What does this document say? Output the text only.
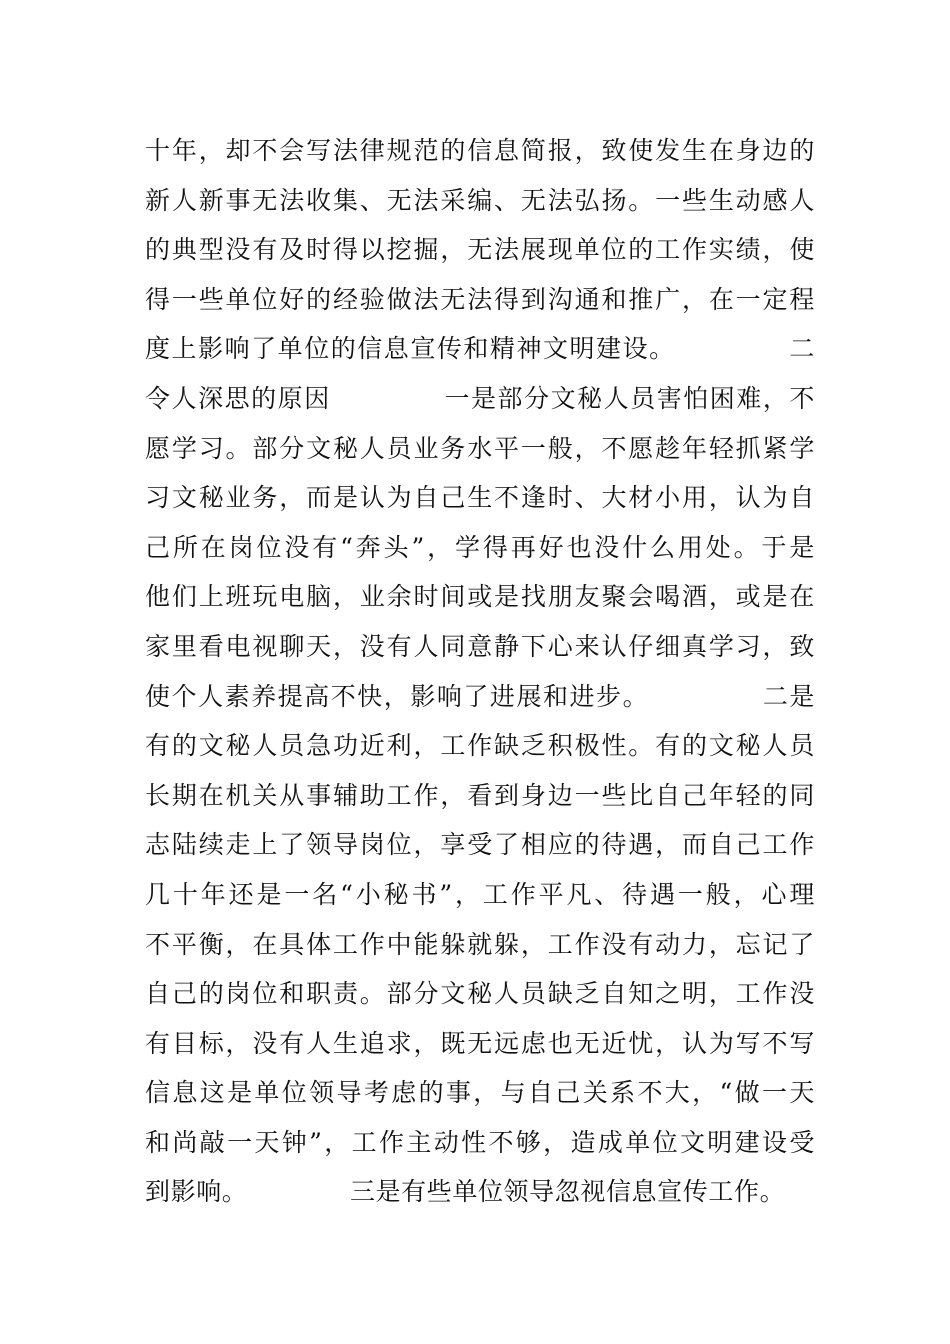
十年，却不会写法律规范的信息简报，致使发生在身边的
新人新事无法收集、无法采编、无法弘扬。一些生动感人
的典型没有及时得以挖掘，无法展现单位的工作实绩，使
得一些单位好的经验做法无法得到沟通和推广，在一定程
度上影响了单位的信息宣传和精神文明建设。            二
令人深思的原因            一是部分文秘人员害怕困难，不
愿学习。部分文秘人员业务水平一般，不愿趁年轻抓紧学
习文秘业务，而是认为自己生不逢时、大材小用，认为自
己所在岗位没有“奔头”，学得再好也没什么用处。于是
他们上班玩电脑，业余时间或是找朋友聚会喝酒，或是在
家里看电视聊天，没有人同意静下心来认仔细真学习，致
使个人素养提高不快，影响了进展和进步。            二是
有的文秘人员急功近利，工作缺乏积极性。有的文秘人员
长期在机关从事辅助工作，看到身边一些比自己年轻的同
志陆续走上了领导岗位，享受了相应的待遇，而自己工作
几十年还是一名“小秘书”，工作平凡、待遇一般，心理
不平衡，在具体工作中能躲就躲，工作没有动力，忘记了
自己的岗位和职责。部分文秘人员缺乏自知之明，工作没
有目标，没有人生追求，既无远虑也无近忧，认为写不写
信息这是单位领导考虑的事，与自己关系不大，“做一天
和尚敲一天钟”，工作主动性不够，造成单位文明建设受
到影响。            三是有些单位领导忽视信息宣传工作。
